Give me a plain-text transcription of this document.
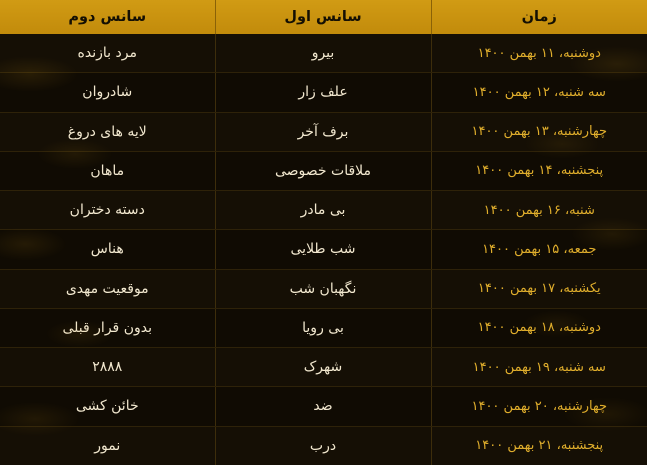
زمان	سانس اول	سانس دوم
دوشنبه، ۱۱ بهمن ۱۴۰۰	بیرو	مرد بازنده
سه شنبه، ۱۲ بهمن ۱۴۰۰	علف زار	شادروان
چهارشنبه، ۱۳ بهمن ۱۴۰۰	برف آخر	لایه های دروغ
پنجشنبه، ۱۴ بهمن ۱۴۰۰	ملاقات خصوصی	ماهان
شنبه، ۱۶ بهمن ۱۴۰۰	بی مادر	دسته دختران
جمعه، ۱۵ بهمن ۱۴۰۰	شب طلایی	هناس
یکشنبه، ۱۷ بهمن ۱۴۰۰	نگهبان شب	موقعیت مهدی
دوشنبه، ۱۸ بهمن ۱۴۰۰	بی رویا	بدون قرار قبلی
سه شنبه، ۱۹ بهمن ۱۴۰۰	شهرک	۲۸۸۸
چهارشنبه، ۲۰ بهمن ۱۴۰۰	ضد	خائن کشی
پنجشنبه، ۲۱ بهمن ۱۴۰۰	درب	نمور
